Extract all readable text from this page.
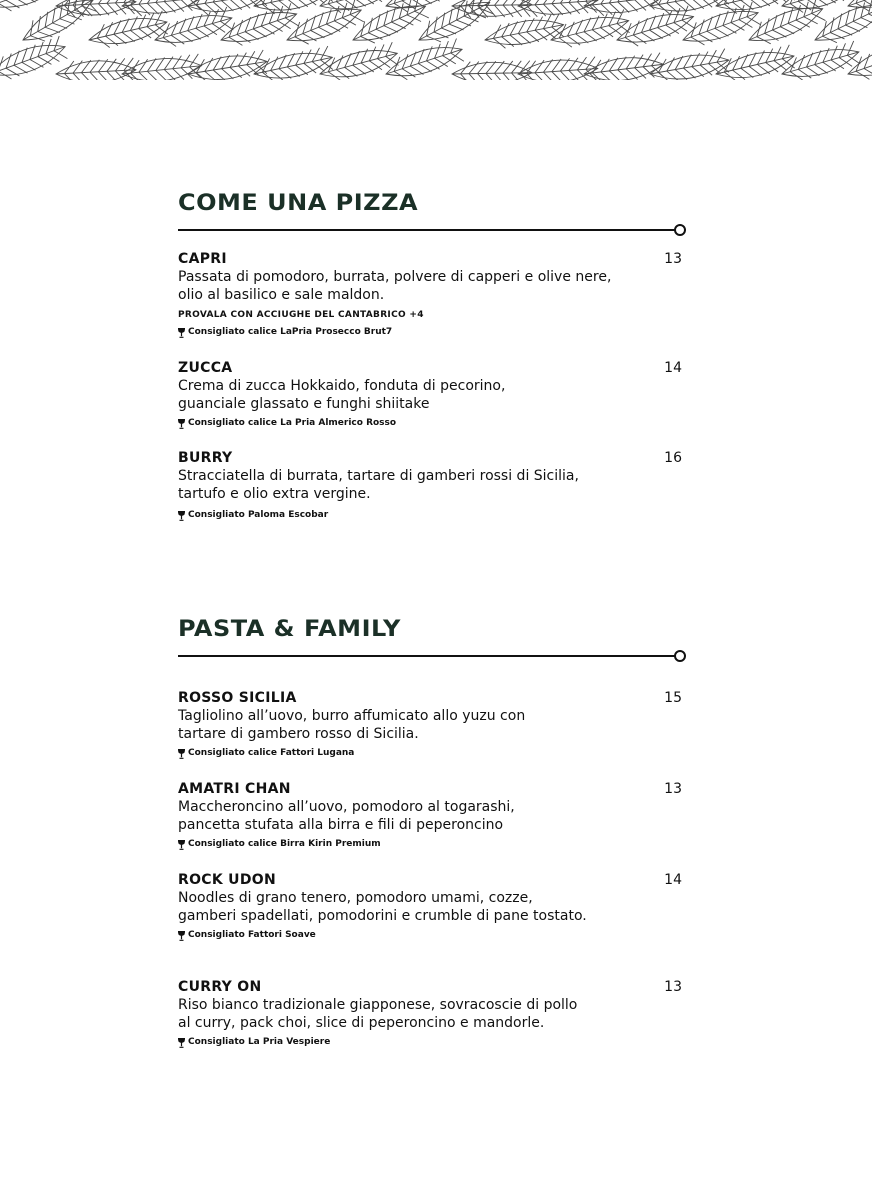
COME UNA PIZZA
CAPRI	13
Passata di pomodoro, burrata, polvere di capperi e olive nere,
olio al basilico e sale maldon.
PROVALA CON ACCIUGHE DEL CANTABRICO +4
Consigliato calice LaPria Prosecco Brut7
ZUCCA	14
Crema di zucca Hokkaido, fonduta di pecorino,
guanciale glassato e funghi shiitake
Consigliato calice La Pria Almerico Rosso
BURRY	16
Stracciatella di burrata, tartare di gamberi rossi di Sicilia,
tartufo e olio extra vergine.
Consigliato Paloma Escobar
PASTA & FAMILY
ROSSO SICILIA	15
Tagliolino all’uovo, burro affumicato allo yuzu con
tartare di gambero rosso di Sicilia.
Consigliato calice Fattori Lugana
AMATRI CHAN	13
Maccheroncino all’uovo, pomodoro al togarashi,
pancetta stufata alla birra e fili di peperoncino
Consigliato calice Birra Kirin Premium
ROCK UDON	14
Noodles di grano tenero, pomodoro umami, cozze,
gamberi spadellati, pomodorini e crumble di pane tostato.
Consigliato Fattori Soave
CURRY ON	13
Riso bianco tradizionale giapponese, sovracoscie di pollo
al curry, pack choi, slice di peperoncino e mandorle.
Consigliato La Pria Vespiere
